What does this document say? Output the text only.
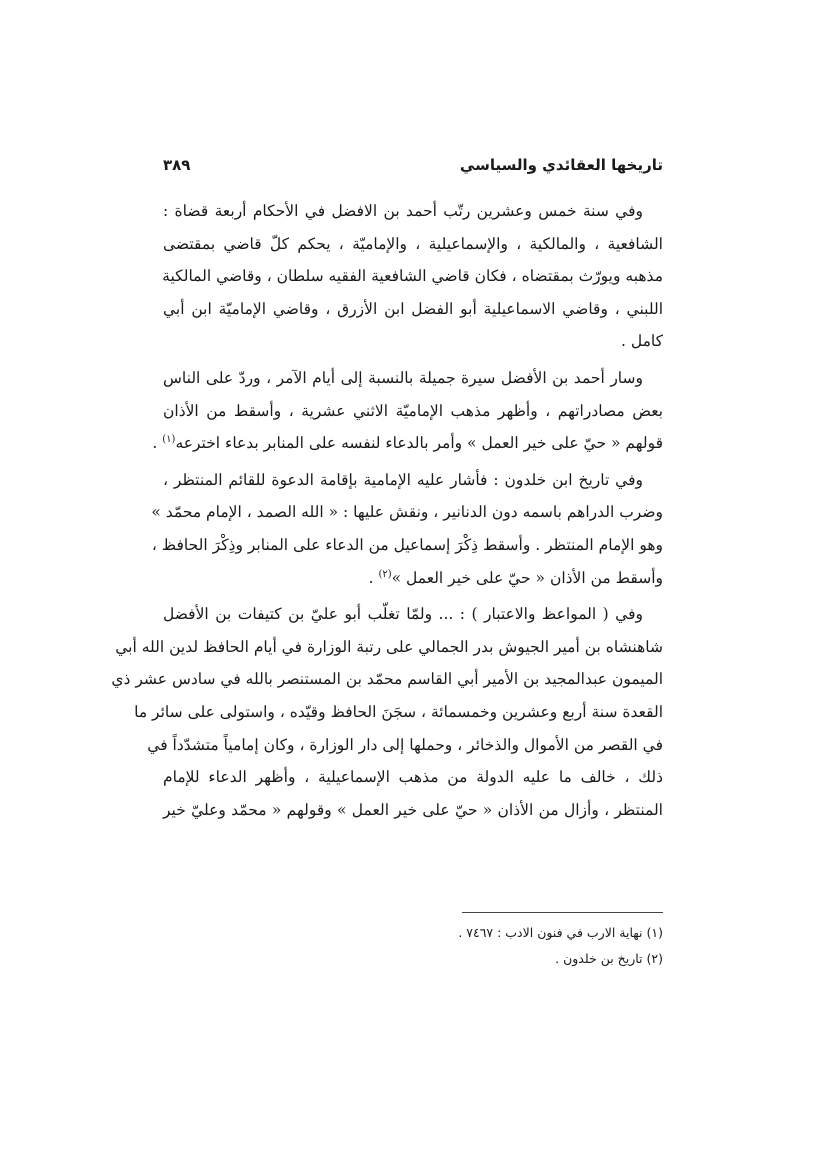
تاريخها العقائدي والسياسي
٣٨٩

وفي سنة خمس وعشرين رتّب أحمد بن الافضل في الأحكام أربعة قضاة :
الشافعية ، والمالكية ، والإسماعيلية ، والإماميّة ، يحكم كلّ قاضي بمقتضى
مذهبه ويورّث بمقتضاه ، فكان قاضي الشافعية الفقيه سلطان ، وقاضي المالكية
اللبني ، وقاضي الاسماعيلية أبو الفضل ابن الأزرق ، وقاضي الإماميّة ابن أبي
كامل .

وسار أحمد بن الأفضل سيرة جميلة بالنسبة إلى أيام الآمر ، وردّ على الناس
بعض مصادراتهم ، وأظهر مذهب الإماميّة الاثني عشرية ، وأسقط من الأذان
قولهم « حيّ على خير العمل » وأمر بالدعاء لنفسه على المنابر بدعاء اخترعه$^{(١)}$ .

وفي تاريخ ابن خلدون : فأشار عليه الإمامية بإقامة الدعوة للقائم المنتظر ،
وضرب الدراهم باسمه دون الدنانير ، ونقش عليها : « الله الصمد ، الإمام محمّد »
وهو الإمام المنتظر . وأسقط ذِكْرَ إسماعيل من الدعاء على المنابر وذِكْرَ الحافظ ،
وأسقط من الأذان « حيّ على خير العمل »$^{(٢)}$ .

وفي ( المواعظ والاعتبار ) : ... ولمّا تغلّب أبو عليّ بن كتيفات بن الأفضل
شاهنشاه بن أمير الجيوش بدر الجمالي على رتبة الوزارة في أيام الحافظ لدين الله أبي
الميمون عبدالمجيد بن الأمير أبي القاسم محمّد بن المستنصر بالله في سادس عشر ذي
القعدة سنة أربع وعشرين وخمسمائة ، سجَنَ الحافظ وقيّده ، واستولى على سائر ما
في القصر من الأموال والذخائر ، وحملها إلى دار الوزارة ، وكان إمامياً متشدّداً في
ذلك ، خالف ما عليه الدولة من مذهب الإسماعيلية ، وأظهر الدعاء للإمام
المنتظر ، وأزال من الأذان « حيّ على خير العمل » وقولهم « محمّد وعليّ خير

(١) نهاية الارب في فنون الادب : ٧٤٦٧ .
(٢) تاريخ بن خلدون .
